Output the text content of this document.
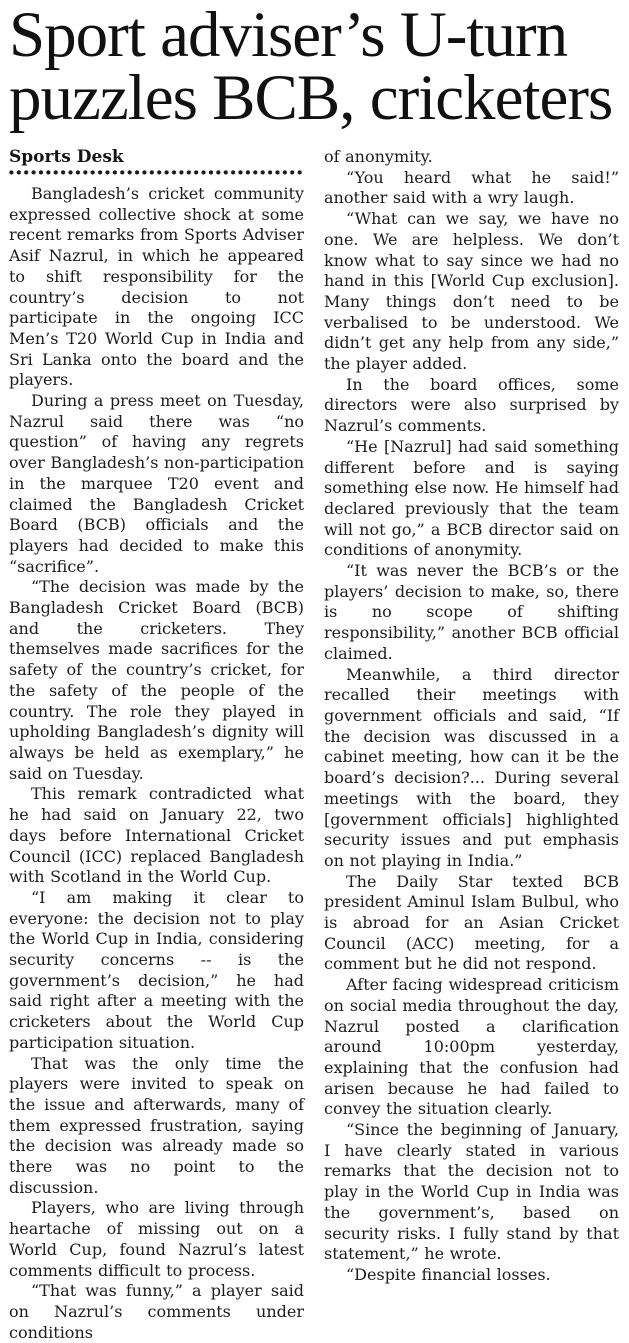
Sport adviser’s U-turn puzzles BCB, cricketers
Sports Desk

Bangladesh’s cricket community expressed collective shock at some recent remarks from Sports Adviser Asif Nazrul, in which he appeared to shift responsibility for the country’s decision to not participate in the ongoing ICC Men’s T20 World Cup in India and Sri Lanka onto the board and the players.

During a press meet on Tuesday, Nazrul said there was “no question” of having any regrets over Bangladesh’s non-participation in the marquee T20 event and claimed the Bangladesh Cricket Board (BCB) officials and the players had decided to make this “sacrifice”.

“The decision was made by the Bangladesh Cricket Board (BCB) and the cricketers. They themselves made sacrifices for the safety of the country’s cricket, for the safety of the people of the country. The role they played in upholding Bangladesh’s dignity will always be held as exemplary,” he said on Tuesday.

This remark contradicted what he had said on January 22, two days before International Cricket Council (ICC) replaced Bangladesh with Scotland in the World Cup.

“I am making it clear to everyone: the decision not to play the World Cup in India, considering security concerns -- is the government’s decision,” he had said right after a meeting with the cricketers about the World Cup participation situation.

That was the only time the players were invited to speak on the issue and afterwards, many of them expressed frustration, saying the decision was already made so there was no point to the discussion.

Players, who are living through heartache of missing out on a World Cup, found Nazrul’s latest comments difficult to process.

“That was funny,” a player said on Nazrul’s comments under conditions

of anonymity.

“You heard what he said!” another said with a wry laugh.

“What can we say, we have no one. We are helpless. We don’t know what to say since we had no hand in this [World Cup exclusion]. Many things don’t need to be verbalised to be understood. We didn’t get any help from any side,” the player added.

In the board offices, some directors were also surprised by Nazrul’s comments.

“He [Nazrul] had said something different before and is saying something else now. He himself had declared previously that the team will not go,” a BCB director said on conditions of anonymity.

“It was never the BCB’s or the players’ decision to make, so, there is no scope of shifting responsibility,” another BCB official claimed.

Meanwhile, a third director recalled their meetings with government officials and said, “If the decision was discussed in a cabinet meeting, how can it be the board’s decision?... During several meetings with the board, they [government officials] highlighted security issues and put emphasis on not playing in India.”

The Daily Star texted BCB president Aminul Islam Bulbul, who is abroad for an Asian Cricket Council (ACC) meeting, for a comment but he did not respond.

After facing widespread criticism on social media throughout the day, Nazrul posted a clarification around 10:00pm yesterday, explaining that the confusion had arisen because he had failed to convey the situation clearly.

“Since the beginning of January, I have clearly stated in various remarks that the decision not to play in the World Cup in India was the government’s, based on security risks. I fully stand by that statement,” he wrote.

“Despite financial losses.
